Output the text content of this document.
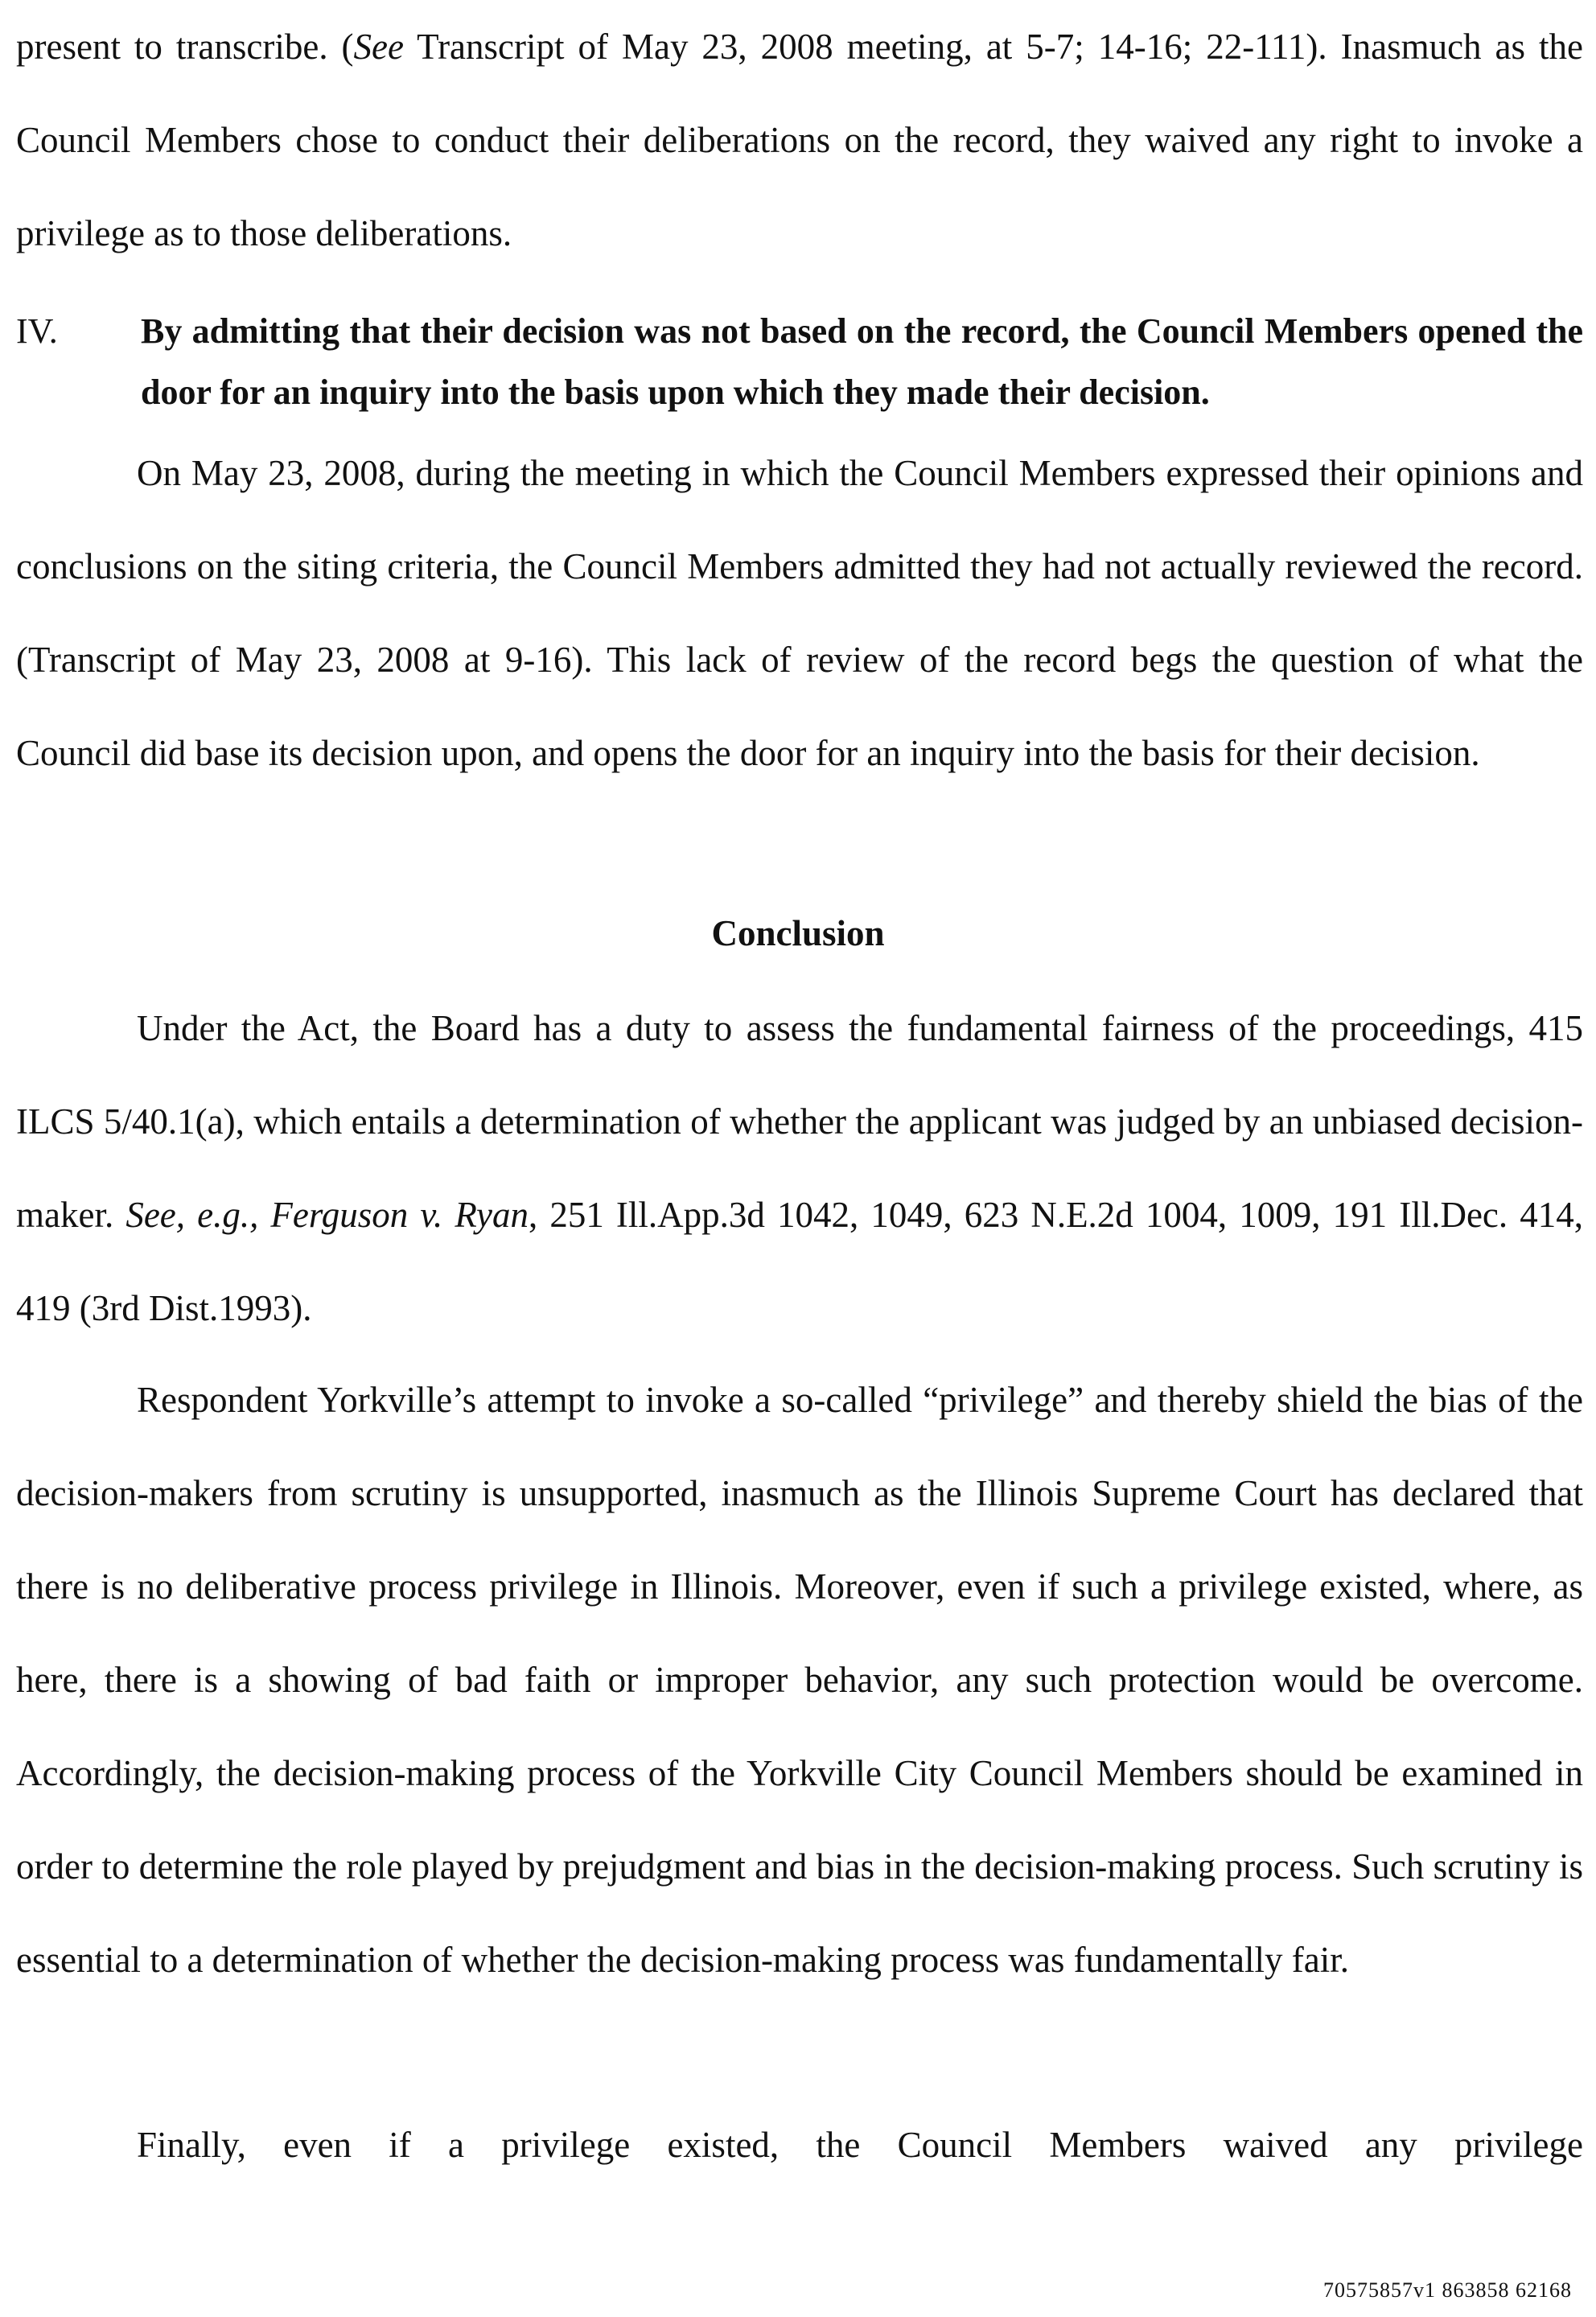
present to transcribe. (See Transcript of May 23, 2008 meeting, at 5-7; 14-16; 22-111). Inasmuch as the Council Members chose to conduct their deliberations on the record, they waived any right to invoke a privilege as to those deliberations.

IV. By admitting that their decision was not based on the record, the Council Members opened the door for an inquiry into the basis upon which they made their decision.

On May 23, 2008, during the meeting in which the Council Members expressed their opinions and conclusions on the siting criteria, the Council Members admitted they had not actually reviewed the record. (Transcript of May 23, 2008 at 9-16). This lack of review of the record begs the question of what the Council did base its decision upon, and opens the door for an inquiry into the basis for their decision.

Conclusion

Under the Act, the Board has a duty to assess the fundamental fairness of the proceedings, 415 ILCS 5/40.1(a), which entails a determination of whether the applicant was judged by an unbiased decision-maker. See, e.g., Ferguson v. Ryan, 251 Ill.App.3d 1042, 1049, 623 N.E.2d 1004, 1009, 191 Ill.Dec. 414, 419 (3rd Dist.1993).

Respondent Yorkville’s attempt to invoke a so-called “privilege” and thereby shield the bias of the decision-makers from scrutiny is unsupported, inasmuch as the Illinois Supreme Court has declared that there is no deliberative process privilege in Illinois. Moreover, even if such a privilege existed, where, as here, there is a showing of bad faith or improper behavior, any such protection would be overcome. Accordingly, the decision-making process of the Yorkville City Council Members should be examined in order to determine the role played by prejudgment and bias in the decision-making process. Such scrutiny is essential to a determination of whether the decision-making process was fundamentally fair.

Finally, even if a privilege existed, the Council Members waived any privilege

70575857v1 863858 62168
